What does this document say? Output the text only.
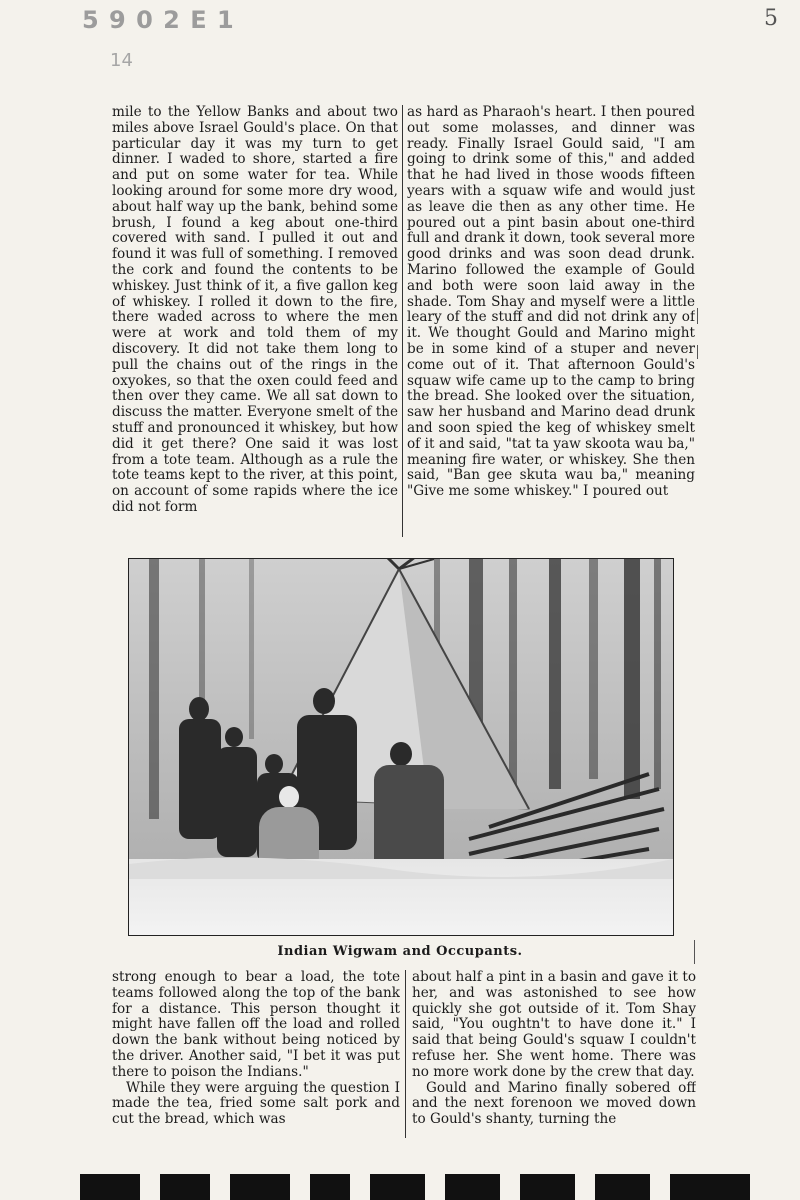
5 9 0 2 E 1
14
5

mile to the Yellow Banks and about two miles above Israel Gould's place. On that particular day it was my turn to get dinner. I waded to shore, started a fire and put on some water for tea. While looking around for some more dry wood, about half way up the bank, behind some brush, I found a keg about one-third covered with sand. I pulled it out and found it was full of something. I removed the cork and found the contents to be whiskey. Just think of it, a five gallon keg of whiskey. I rolled it down to the fire, there waded across to where the men were at work and told them of my discovery. It did not take them long to pull the chains out of the rings in the oxyokes, so that the oxen could feed and then over they came. We all sat down to discuss the matter. Everyone smelt of the stuff and pronounced it whiskey, but how did it get there? One said it was lost from a tote team. Although as a rule the tote teams kept to the river, at this point, on account of some rapids where the ice did not form

as hard as Pharaoh's heart. I then poured out some molasses, and dinner was ready. Finally Israel Gould said, "I am going to drink some of this," and added that he had lived in those woods fifteen years with a squaw wife and would just as leave die then as any other time. He poured out a pint basin about one-third full and drank it down, took several more good drinks and was soon dead drunk. Marino followed the example of Gould and both were soon laid away in the shade. Tom Shay and myself were a little leary of the stuff and did not drink any of it. We thought Gould and Marino might be in some kind of a stuper and never come out of it. That afternoon Gould's squaw wife came up to the camp to bring the bread. She looked over the situation, saw her husband and Marino dead drunk and soon spied the keg of whiskey smelt of it and said, "tat ta yaw skoota wau ba," meaning fire water, or whiskey. She then said, "Ban gee skuta wau ba," meaning "Give me some whiskey." I poured out

Indian Wigwam and Occupants.

strong enough to bear a load, the tote teams followed along the top of the bank for a distance. This person thought it might have fallen off the load and rolled down the bank without being noticed by the driver. Another said, "I bet it was put there to poison the Indians."

While they were arguing the question I made the tea, fried some salt pork and cut the bread, which was

about half a pint in a basin and gave it to her, and was astonished to see how quickly she got outside of it. Tom Shay said, "You oughtn't to have done it." I said that being Gould's squaw I couldn't refuse her. She went home. There was no more work done by the crew that day.

Gould and Marino finally sobered off and the next forenoon we moved down to Gould's shanty, turning the
